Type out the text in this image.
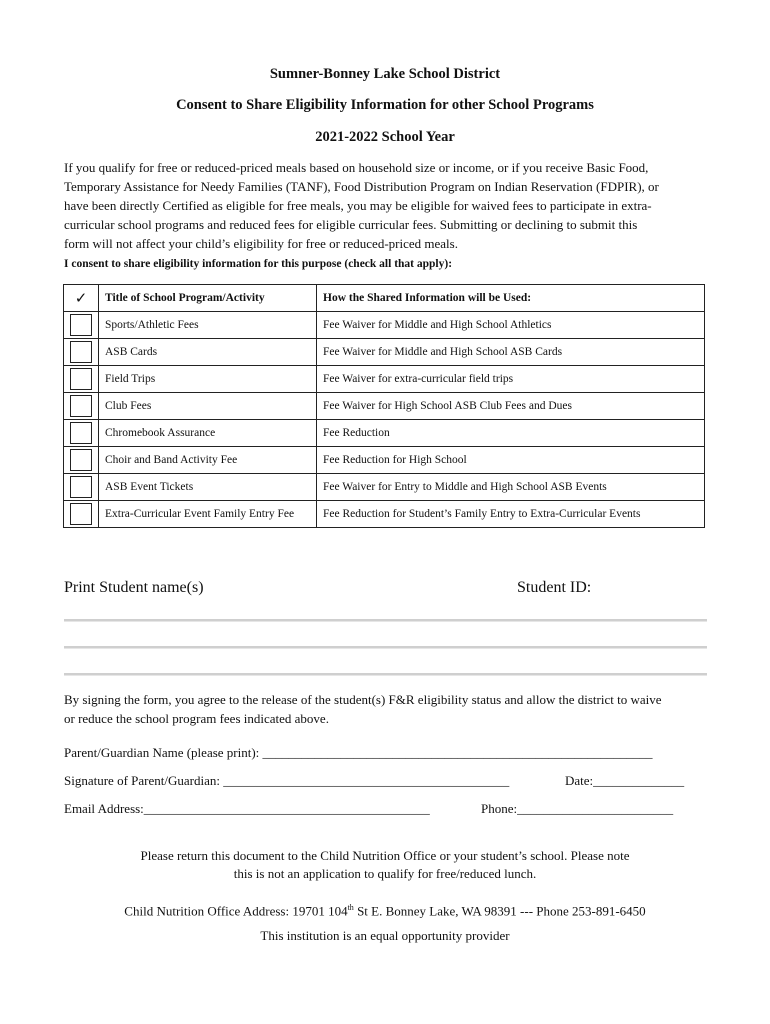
Sumner-Bonney Lake School District
Consent to Share Eligibility Information for other School Programs
2021-2022 School Year
If you qualify for free or reduced-priced meals based on household size or income, or if you receive Basic Food,
Temporary Assistance for Needy Families (TANF), Food Distribution Program on Indian Reservation (FDPIR), or
have been directly Certified as eligible for free meals, you may be eligible for waived fees to participate in extra-
curricular school programs and reduced fees for eligible curricular fees. Submitting or declining to submit this
form will not affect your child’s eligibility for free or reduced-priced meals.
I consent to share eligibility information for this purpose (check all that apply):
✓	Title of School Program/Activity	How the Shared Information will be Used:

	Sports/Athletic Fees	Fee Waiver for Middle and High School Athletics

	ASB Cards	Fee Waiver for Middle and High School ASB Cards

	Field Trips	Fee Waiver for extra-curricular field trips

	Club Fees	Fee Waiver for High School ASB Club Fees and Dues

	Chromebook Assurance	Fee Reduction

	Choir and Band Activity Fee	Fee Reduction for High School

	ASB Event Tickets	Fee Waiver for Entry to Middle and High School ASB Events

	Extra-Curricular Event Family Entry Fee	Fee Reduction for Student’s Family Entry to Extra-Curricular Events
Print Student name(s)	Student ID:
By signing the form, you agree to the release of the student(s) F&R eligibility status and allow the district to waive
or reduce the school program fees indicated above.
Parent/Guardian Name (please print): ____________________________________________________________
Signature of Parent/Guardian: ____________________________________________	Date:______________
Email Address:____________________________________________	Phone:________________________
Please return this document to the Child Nutrition Office or your student’s school. Please note
this is not an application to qualify for free/reduced lunch.
Child Nutrition Office Address: 19701 104th St E. Bonney Lake, WA 98391 --- Phone 253-891-6450
This institution is an equal opportunity provider
